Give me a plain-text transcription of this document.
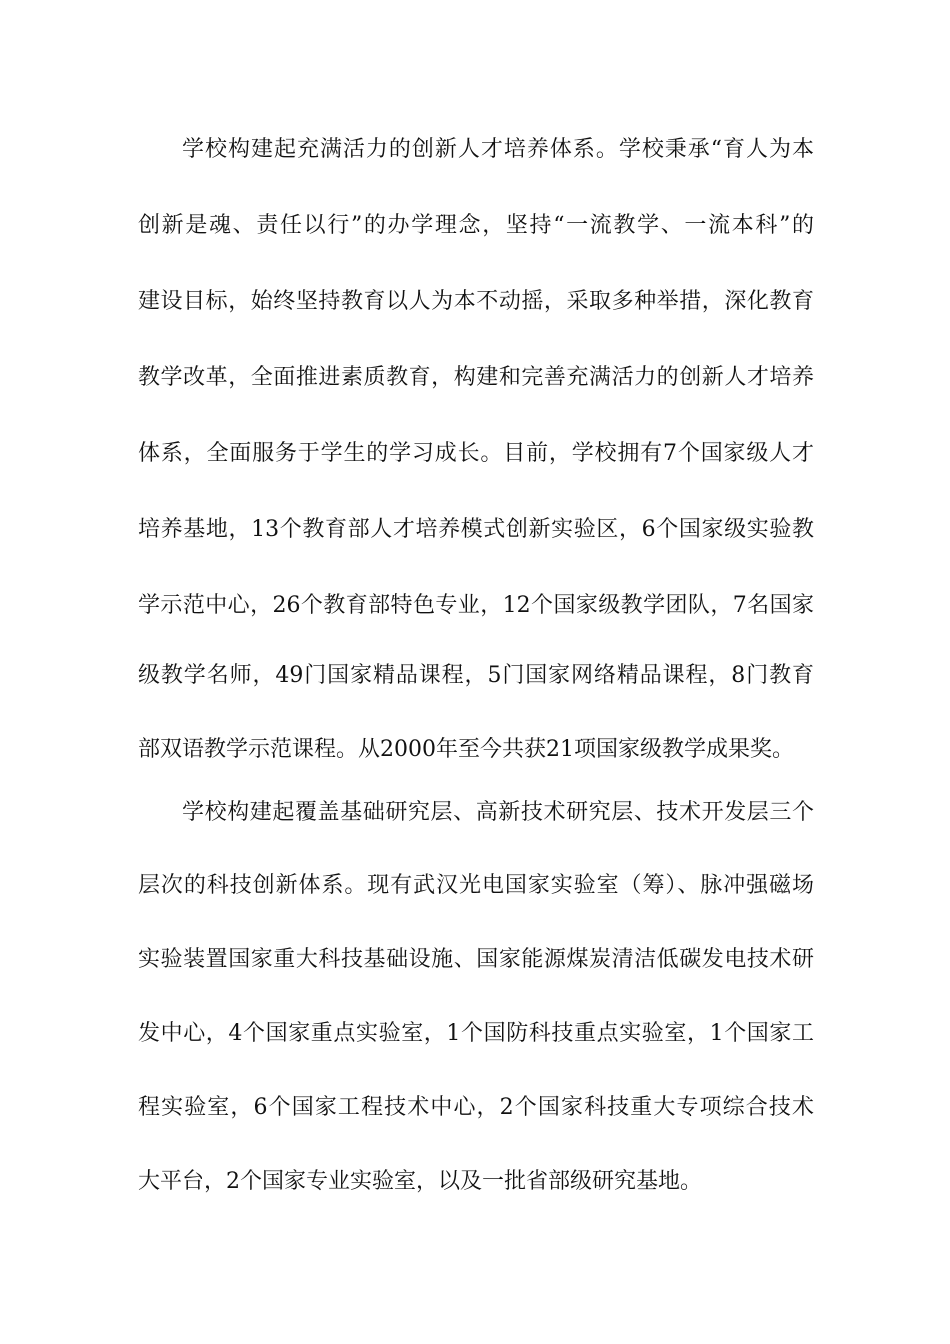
学校构建起充满活力的创新人才培养体系。学校秉承“育人为本
创新是魂、责任以行”的办学理念，坚持“一流教学、一流本科”的
建设目标，始终坚持教育以人为本不动摇，采取多种举措，深化教育
教学改革，全面推进素质教育，构建和完善充满活力的创新人才培养
体系，全面服务于学生的学习成长。目前，学校拥有7个国家级人才
培养基地，13个教育部人才培养模式创新实验区，6个国家级实验教
学示范中心，26个教育部特色专业，12个国家级教学团队，7名国家
级教学名师，49门国家精品课程，5门国家网络精品课程，8门教育
部双语教学示范课程。从2000年至今共获21项国家级教学成果奖。
学校构建起覆盖基础研究层、高新技术研究层、技术开发层三个
层次的科技创新体系。现有武汉光电国家实验室（筹）、脉冲强磁场
实验装置国家重大科技基础设施、国家能源煤炭清洁低碳发电技术研
发中心，4个国家重点实验室，1个国防科技重点实验室，1个国家工
程实验室，6个国家工程技术中心，2个国家科技重大专项综合技术
大平台，2个国家专业实验室，以及一批省部级研究基地。
